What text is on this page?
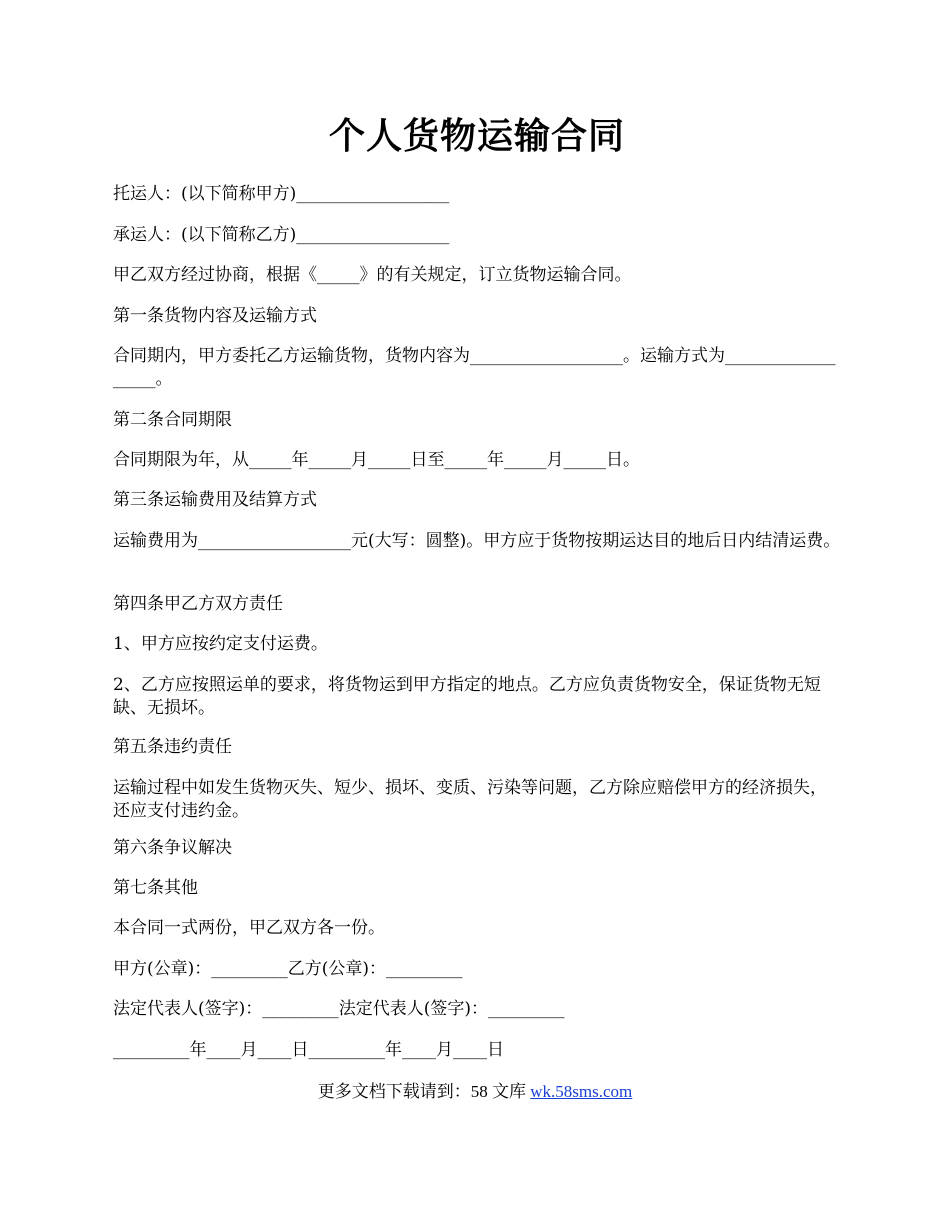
个人货物运输合同
托运人：(以下简称甲方)__________________
承运人：(以下简称乙方)__________________
甲乙双方经过协商，根据《_____》的有关规定，订立货物运输合同。
第一条货物内容及运输方式
合同期内，甲方委托乙方运输货物，货物内容为__________________。运输方式为__________________。
第二条合同期限
合同期限为年，从_____年_____月_____日至_____年_____月_____日。
第三条运输费用及结算方式
运输费用为__________________元(大写：圆整)。甲方应于货物按期运达目的地后日内结清运费。
第四条甲乙方双方责任
1、甲方应按约定支付运费。
2、乙方应按照运单的要求，将货物运到甲方指定的地点。乙方应负责货物安全，保证货物无短缺、无损坏。
第五条违约责任
运输过程中如发生货物灭失、短少、损坏、变质、污染等问题，乙方除应赔偿甲方的经济损失，还应支付违约金。
第六条争议解决
第七条其他
本合同一式两份，甲乙双方各一份。
甲方(公章)：_________乙方(公章)：_________
法定代表人(签字)：_________法定代表人(签字)：_________
_________年____月____日_________年____月____日
更多文档下载请到：58 文库 wk.58sms.com
